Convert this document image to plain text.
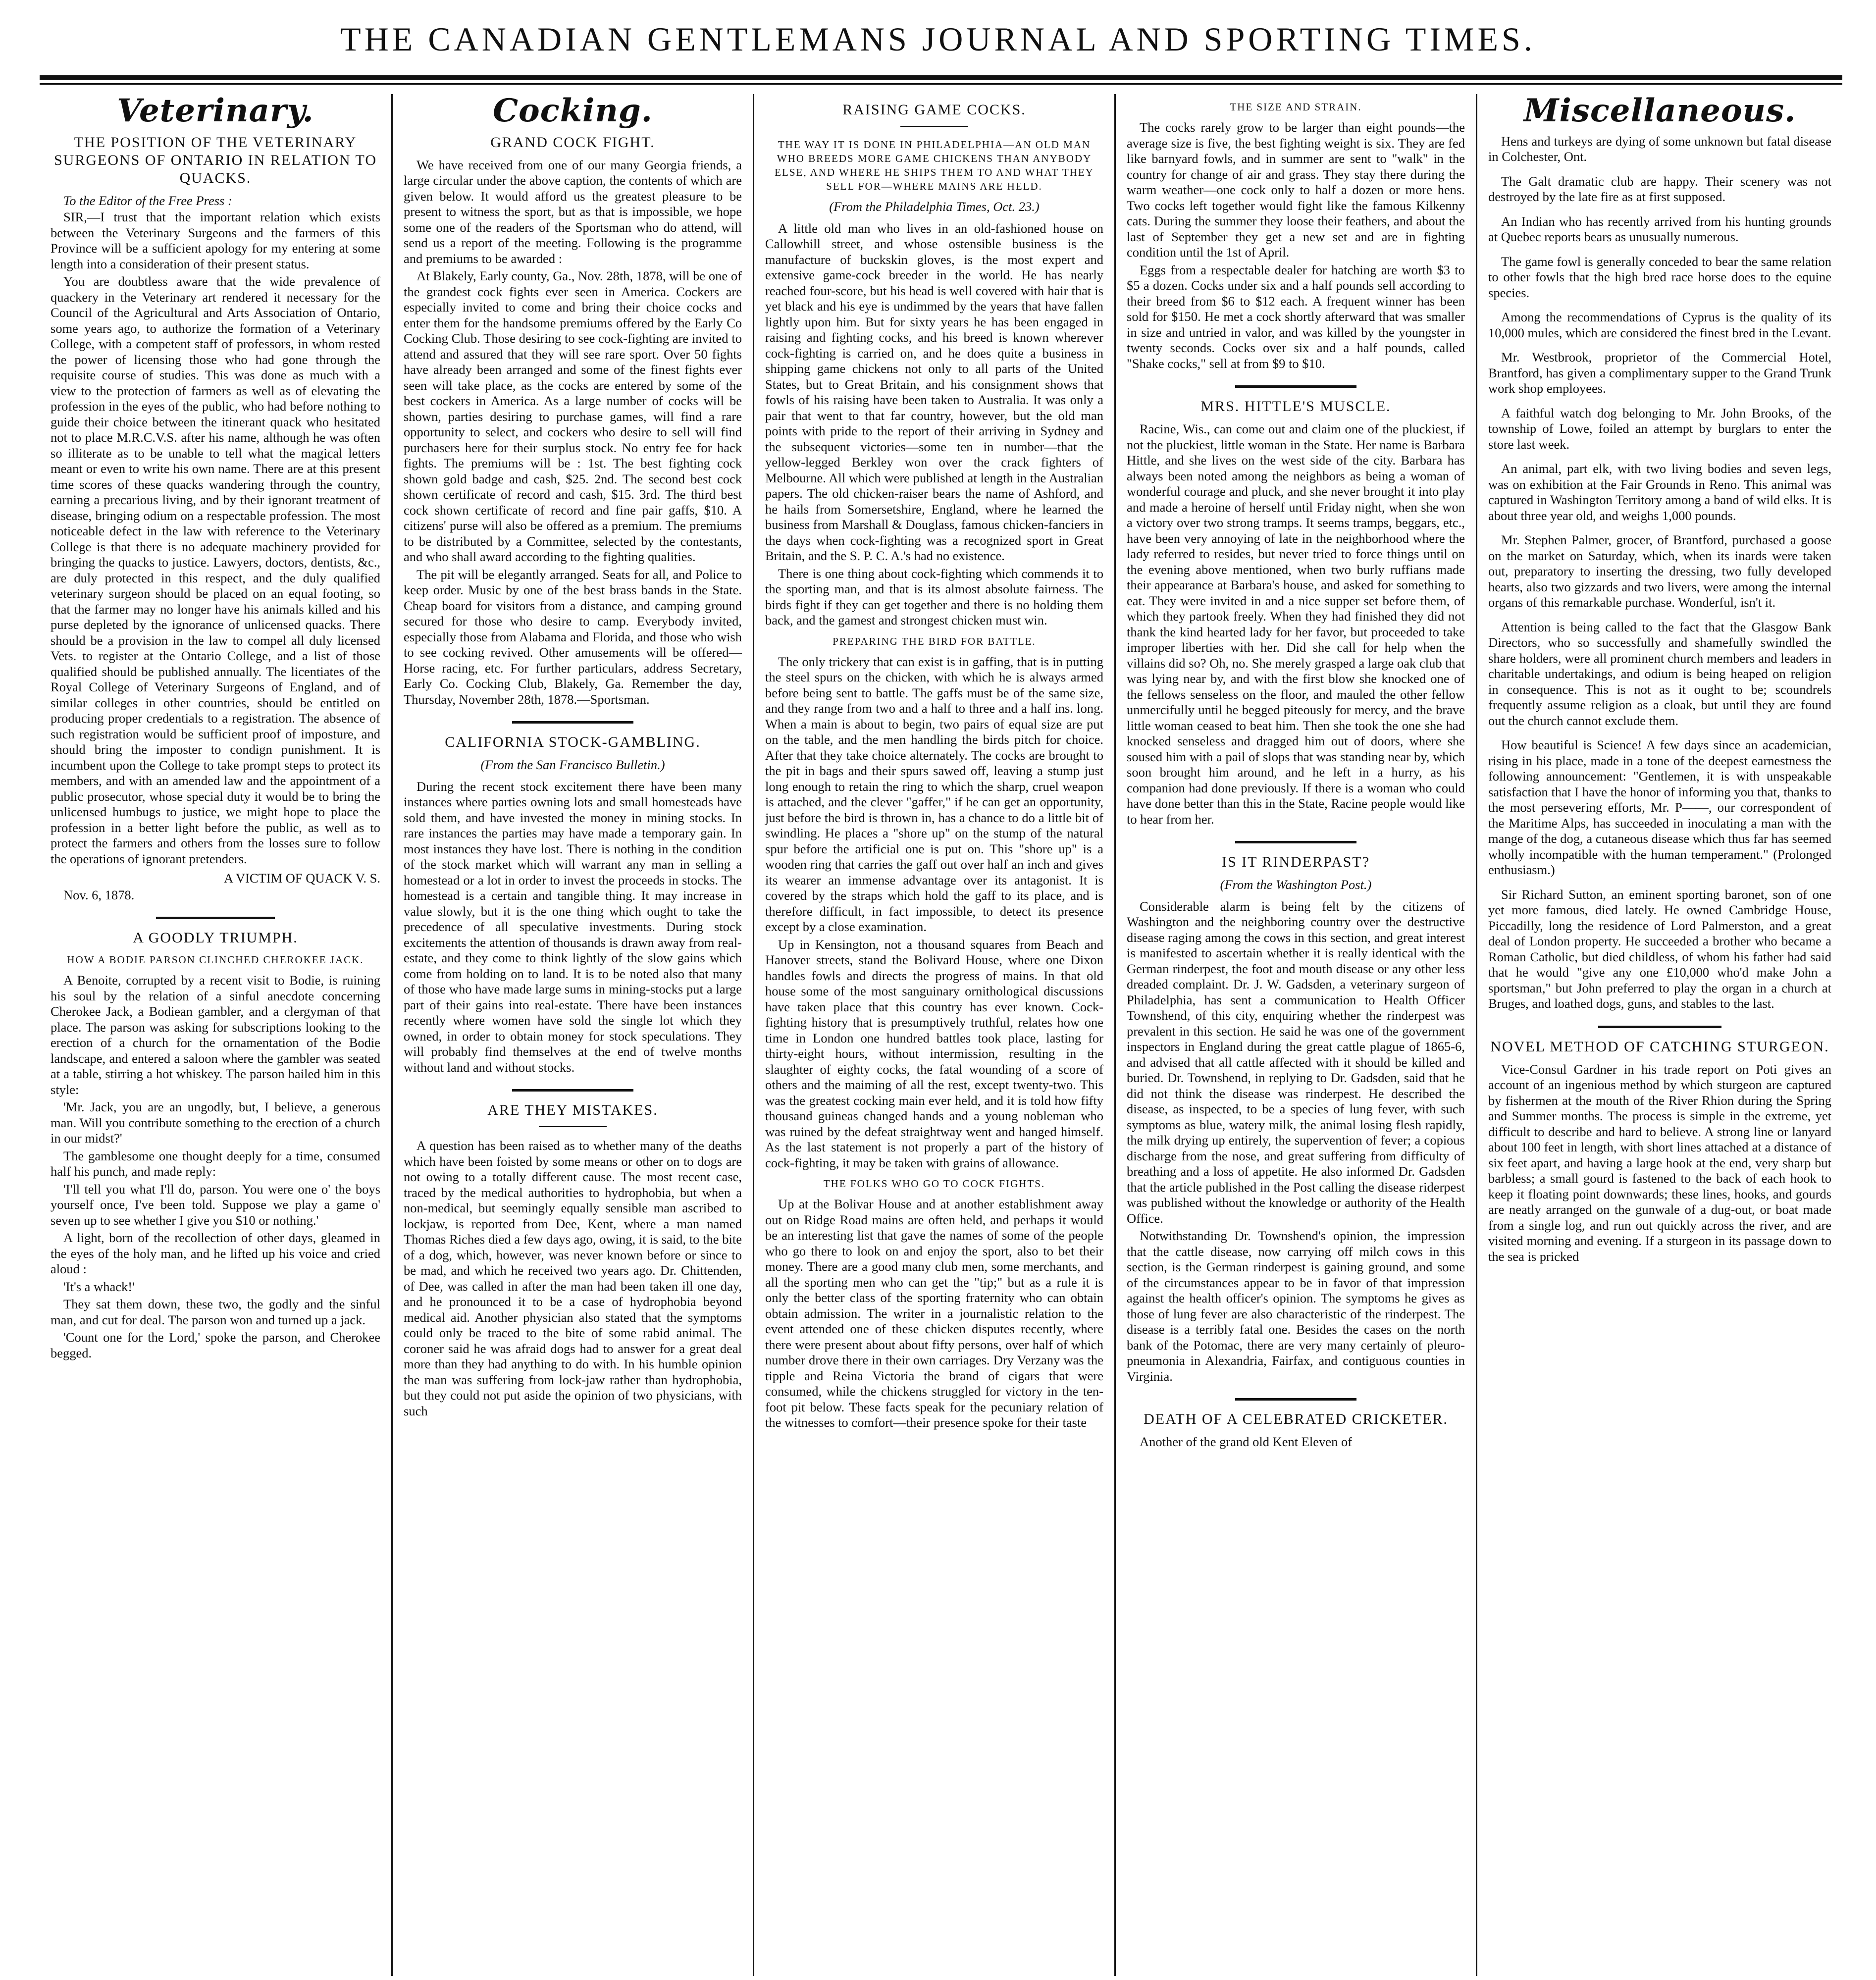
THE CANADIAN GENTLEMANS JOURNAL AND SPORTING TIMES.
Veterinary.
THE POSITION OF THE VETERINARY SURGEONS OF ONTARIO IN RELATION TO QUACKS.
To the Editor of the Free Press :

SIR,—I trust that the important relation which exists between the Veterinary Surgeons and the farmers of this Province will be a sufficient apology for my entering at some length into a consideration of their present status.

You are doubtless aware that the wide prevalence of quackery in the Veterinary art rendered it necessary for the Council of the Agricultural and Arts Association of Ontario, some years ago, to authorize the formation of a Veterinary College, with a competent staff of professors, in whom rested the power of licensing those who had gone through the requisite course of studies. This was done as much with a view to the protection of farmers as well as of elevating the profession in the eyes of the public, who had before nothing to guide their choice between the itinerant quack who hesitated not to place M.R.C.V.S. after his name, although he was often so illiterate as to be unable to tell what the magical letters meant or even to write his own name. There are at this present time scores of these quacks wandering through the country, earning a precarious living, and by their ignorant treatment of disease, bringing odium on a respectable profession. The most noticeable defect in the law with reference to the Veterinary College is that there is no adequate machinery provided for bringing the quacks to justice. Lawyers, doctors, dentists, &c., are duly protected in this respect, and the duly qualified veterinary surgeon should be placed on an equal footing, so that the farmer may no longer have his animals killed and his purse depleted by the ignorance of unlicensed quacks. There should be a provision in the law to compel all duly licensed Vets. to register at the Ontario College, and a list of those qualified should be published annually. The licentiates of the Royal College of Veterinary Surgeons of England, and of similar colleges in other countries, should be entitled on producing proper credentials to a registration. The absence of such registration would be sufficient proof of imposture, and should bring the imposter to condign punishment. It is incumbent upon the College to take prompt steps to protect its members, and with an amended law and the appointment of a public prosecutor, whose special duty it would be to bring the unlicensed humbugs to justice, we might hope to place the profession in a better light before the public, as well as to protect the farmers and others from the losses sure to follow the operations of ignorant pretenders.

A VICTIM OF QUACK V. S.
Nov. 6, 1878.
A GOODLY TRIUMPH.
HOW A BODIE PARSON CLINCHED CHEROKEE JACK.

A Benoite, corrupted by a recent visit to Bodie, is ruining his soul by the relation of a sinful anecdote concerning Cherokee Jack, a Bodiean gambler, and a clergyman of that place. The parson was asking for subscriptions looking to the erection of a church for the ornamentation of the Bodie landscape, and entered a saloon where the gambler was seated at a table, stirring a hot whiskey. The parson hailed him in this style:

'Mr. Jack, you are an ungodly, but, I believe, a generous man. Will you contribute something to the erection of a church in our midst?'

The gamblesome one thought deeply for a time, consumed half his punch, and made reply:

'I'll tell you what I'll do, parson. You were one o' the boys yourself once, I've been told. Suppose we play a game o' seven up to see whether I give you $10 or nothing.'

A light, born of the recollection of other days, gleamed in the eyes of the holy man, and he lifted up his voice and cried aloud :

'It's a whack!'

They sat them down, these two, the godly and the sinful man, and cut for deal. The parson won and turned up a jack.

'Count one for the Lord,' spoke the parson, and Cherokee begged.

Cocking.
GRAND COCK FIGHT.

We have received from one of our many Georgia friends, a large circular under the above caption, the contents of which are given below. It would afford us the greatest pleasure to be present to witness the sport, but as that is impossible, we hope some one of the readers of the Sportsman who do attend, will send us a report of the meeting. Following is the programme and premiums to be awarded :

At Blakely, Early county, Ga., Nov. 28th, 1878, will be one of the grandest cock fights ever seen in America. Cockers are especially invited to come and bring their choice cocks and enter them for the handsome premiums offered by the Early Co Cocking Club. Those desiring to see cock-fighting are invited to attend and assured that they will see rare sport. Over 50 fights have already been arranged and some of the finest fights ever seen will take place, as the cocks are entered by some of the best cockers in America. As a large number of cocks will be shown, parties desiring to purchase games, will find a rare opportunity to select, and cockers who desire to sell will find purchasers here for their surplus stock. No entry fee for hack fights. The premiums will be : 1st. The best fighting cock shown gold badge and cash, $25. 2nd. The second best cock shown certificate of record and cash, $15. 3rd. The third best cock shown certificate of record and fine pair gaffs, $10. A citizens' purse will also be offered as a premium. The premiums to be distributed by a Committee, selected by the contestants, and who shall award according to the fighting qualities.

The pit will be elegantly arranged. Seats for all, and Police to keep order. Music by one of the best brass bands in the State. Cheap board for visitors from a distance, and camping ground secured for those who desire to camp. Everybody invited, especially those from Alabama and Florida, and those who wish to see cocking revived. Other amusements will be offered—Horse racing, etc. For further particulars, address Secretary, Early Co. Cocking Club, Blakely, Ga. Remember the day, Thursday, November 28th, 1878.—Sportsman.

CALIFORNIA STOCK-GAMBLING.
(From the San Francisco Bulletin.)

During the recent stock excitement there have been many instances where parties owning lots and small homesteads have sold them, and have invested the money in mining stocks. In rare instances the parties may have made a temporary gain. In most instances they have lost. There is nothing in the condition of the stock market which will warrant any man in selling a homestead or a lot in order to invest the proceeds in stocks. The homestead is a certain and tangible thing. It may increase in value slowly, but it is the one thing which ought to take the precedence of all speculative investments. During stock excitements the attention of thousands is drawn away from real-estate, and they come to think lightly of the slow gains which come from holding on to land. It is to be noted also that many of those who have made large sums in mining-stocks put a large part of their gains into real-estate. There have been instances recently where women have sold the single lot which they owned, in order to obtain money for stock speculations. They will probably find themselves at the end of twelve months without land and without stocks.

ARE THEY MISTAKES.

A question has been raised as to whether many of the deaths which have been foisted by some means or other on to dogs are not owing to a totally different cause. The most recent case, traced by the medical authorities to hydrophobia, but when a non-medical, but seemingly equally sensible man ascribed to lockjaw, is reported from Dee, Kent, where a man named Thomas Riches died a few days ago, owing, it is said, to the bite of a dog, which, however, was never known before or since to be mad, and which he received two years ago. Dr. Chittenden, of Dee, was called in after the man had been taken ill one day, and he pronounced it to be a case of hydrophobia beyond medical aid. Another physician also stated that the symptoms could only be traced to the bite of some rabid animal. The coroner said he was afraid dogs had to answer for a great deal more than they had anything to do with. In his humble opinion the man was suffering from lock-jaw rather than hydrophobia, but they could not put aside the opinion of two physicians, with such

RAISING GAME COCKS.
THE WAY IT IS DONE IN PHILADELPHIA—AN OLD MAN WHO BREEDS MORE GAME CHICKENS THAN ANYBODY ELSE, AND WHERE HE SHIPS THEM TO AND WHAT THEY SELL FOR—WHERE MAINS ARE HELD.
(From the Philadelphia Times, Oct. 23.)

A little old man who lives in an old-fashioned house on Callowhill street, and whose ostensible business is the manufacture of buckskin gloves, is the most expert and extensive game-cock breeder in the world. He has nearly reached four-score, but his head is well covered with hair that is yet black and his eye is undimmed by the years that have fallen lightly upon him. But for sixty years he has been engaged in raising and fighting cocks, and his breed is known wherever cock-fighting is carried on, and he does quite a business in shipping game chickens not only to all parts of the United States, but to Great Britain, and his consignment shows that fowls of his raising have been taken to Australia. It was only a pair that went to that far country, however, but the old man points with pride to the report of their arriving in Sydney and the subsequent victories—some ten in number—that the yellow-legged Berkley won over the crack fighters of Melbourne. All which were published at length in the Australian papers. The old chicken-raiser bears the name of Ashford, and he hails from Somersetshire, England, where he learned the business from Marshall & Douglass, famous chicken-fanciers in the days when cock-fighting was a recognized sport in Great Britain, and the S. P. C. A.'s had no existence.

There is one thing about cock-fighting which commends it to the sporting man, and that is its almost absolute fairness. The birds fight if they can get together and there is no holding them back, and the gamest and strongest chicken must win.

PREPARING THE BIRD FOR BATTLE.

The only trickery that can exist is in gaffing, that is in putting the steel spurs on the chicken, with which he is always armed before being sent to battle. The gaffs must be of the same size, and they range from two and a half to three and a half ins. long. When a main is about to begin, two pairs of equal size are put on the table, and the men handling the birds pitch for choice. After that they take choice alternately. The cocks are brought to the pit in bags and their spurs sawed off, leaving a stump just long enough to retain the ring to which the sharp, cruel weapon is attached, and the clever "gaffer," if he can get an opportunity, just before the bird is thrown in, has a chance to do a little bit of swindling. He places a "shore up" on the stump of the natural spur before the artificial one is put on. This "shore up" is a wooden ring that carries the gaff out over half an inch and gives its wearer an immense advantage over its antagonist. It is covered by the straps which hold the gaff to its place, and is therefore difficult, in fact impossible, to detect its presence except by a close examination.

Up in Kensington, not a thousand squares from Beach and Hanover streets, stand the Bolivard House, where one Dixon handles fowls and directs the progress of mains. In that old house some of the most sanguinary ornithological discussions have taken place that this country has ever known. Cock-fighting history that is presumptively truthful, relates how one time in London one hundred battles took place, lasting for thirty-eight hours, without intermission, resulting in the slaughter of eighty cocks, the fatal wounding of a score of others and the maiming of all the rest, except twenty-two. This was the greatest cocking main ever held, and it is told how fifty thousand guineas changed hands and a young nobleman who was ruined by the defeat straightway went and hanged himself. As the last statement is not properly a part of the history of cock-fighting, it may be taken with grains of allowance.

THE FOLKS WHO GO TO COCK FIGHTS.

Up at the Bolivar House and at another establishment away out on Ridge Road mains are often held, and perhaps it would be an interesting list that gave the names of some of the people who go there to look on and enjoy the sport, also to bet their money. There are a good many club men, some merchants, and all the sporting men who can get the "tip;" but as a rule it is only the better class of the sporting fraternity who can obtain obtain admission. The writer in a journalistic relation to the event attended one of these chicken disputes recently, where there were present about about fifty persons, over half of which number drove there in their own carriages. Dry Verzany was the tipple and Reina Victoria the brand of cigars that were consumed, while the chickens struggled for victory in the ten-foot pit below. These facts speak for the pecuniary relation of the witnesses to comfort—their presence spoke for their taste

THE SIZE AND STRAIN.

The cocks rarely grow to be larger than eight pounds—the average size is five, the best fighting weight is six. They are fed like barnyard fowls, and in summer are sent to "walk" in the country for change of air and grass. They stay there during the warm weather—one cock only to half a dozen or more hens. Two cocks left together would fight like the famous Kilkenny cats. During the summer they loose their feathers, and about the last of September they get a new set and are in fighting condition until the 1st of April.

Eggs from a respectable dealer for hatching are worth $3 to $5 a dozen. Cocks under six and a half pounds sell according to their breed from $6 to $12 each. A frequent winner has been sold for $150. He met a cock shortly afterward that was smaller in size and untried in valor, and was killed by the youngster in twenty seconds. Cocks over six and a half pounds, called "Shake cocks," sell at from $9 to $10.

MRS. HITTLE'S MUSCLE.

Racine, Wis., can come out and claim one of the pluckiest, if not the pluckiest, little woman in the State. Her name is Barbara Hittle, and she lives on the west side of the city. Barbara has always been noted among the neighbors as being a woman of wonderful courage and pluck, and she never brought it into play and made a heroine of herself until Friday night, when she won a victory over two strong tramps. It seems tramps, beggars, etc., have been very annoying of late in the neighborhood where the lady referred to resides, but never tried to force things until on the evening above mentioned, when two burly ruffians made their appearance at Barbara's house, and asked for something to eat. They were invited in and a nice supper set before them, of which they partook freely. When they had finished they did not thank the kind hearted lady for her favor, but proceeded to take improper liberties with her. Did she call for help when the villains did so? Oh, no. She merely grasped a large oak club that was lying near by, and with the first blow she knocked one of the fellows senseless on the floor, and mauled the other fellow unmercifully until he begged piteously for mercy, and the brave little woman ceased to beat him. Then she took the one she had knocked senseless and dragged him out of doors, where she soused him with a pail of slops that was standing near by, which soon brought him around, and he left in a hurry, as his companion had done previously. If there is a woman who could have done better than this in the State, Racine people would like to hear from her.

IS IT RINDERPAST?
(From the Washington Post.)

Considerable alarm is being felt by the citizens of Washington and the neighboring country over the destructive disease raging among the cows in this section, and great interest is manifested to ascertain whether it is really identical with the German rinderpest, the foot and mouth disease or any other less dreaded complaint. Dr. J. W. Gadsden, a veterinary surgeon of Philadelphia, has sent a communication to Health Officer Townshend, of this city, enquiring whether the rinderpest was prevalent in this section. He said he was one of the government inspectors in England during the great cattle plague of 1865-6, and advised that all cattle affected with it should be killed and buried. Dr. Townshend, in replying to Dr. Gadsden, said that he did not think the disease was rinderpest. He described the disease, as inspected, to be a species of lung fever, with such symptoms as blue, watery milk, the animal losing flesh rapidly, the milk drying up entirely, the supervention of fever; a copious discharge from the nose, and great suffering from difficulty of breathing and a loss of appetite. He also informed Dr. Gadsden that the article published in the Post calling the disease riderpest was published without the knowledge or authority of the Health Office.

Notwithstanding Dr. Townshend's opinion, the impression that the cattle disease, now carrying off milch cows in this section, is the German rinderpest is gaining ground, and some of the circumstances appear to be in favor of that impression against the health officer's opinion. The symptoms he gives as those of lung fever are also characteristic of the rinderpest. The disease is a terribly fatal one. Besides the cases on the north bank of the Potomac, there are very many certainly of pleuro-pneumonia in Alexandria, Fairfax, and contiguous counties in Virginia.

DEATH OF A CELEBRATED CRICKETER.

Another of the grand old Kent Eleven of

Miscellaneous.

Hens and turkeys are dying of some unknown but fatal disease in Colchester, Ont.

The Galt dramatic club are happy. Their scenery was not destroyed by the late fire as at first supposed.

An Indian who has recently arrived from his hunting grounds at Quebec reports bears as unusually numerous.

The game fowl is generally conceded to bear the same relation to other fowls that the high bred race horse does to the equine species.

Among the recommendations of Cyprus is the quality of its 10,000 mules, which are considered the finest bred in the Levant.

Mr. Westbrook, proprietor of the Commercial Hotel, Brantford, has given a complimentary supper to the Grand Trunk work shop employees.

A faithful watch dog belonging to Mr. John Brooks, of the township of Lowe, foiled an attempt by burglars to enter the store last week.

An animal, part elk, with two living bodies and seven legs, was on exhibition at the Fair Grounds in Reno. This animal was captured in Washington Territory among a band of wild elks. It is about three year old, and weighs 1,000 pounds.

Mr. Stephen Palmer, grocer, of Brantford, purchased a goose on the market on Saturday, which, when its inards were taken out, preparatory to inserting the dressing, two fully developed hearts, also two gizzards and two livers, were among the internal organs of this remarkable purchase. Wonderful, isn't it.

Attention is being called to the fact that the Glasgow Bank Directors, who so successfully and shamefully swindled the share holders, were all prominent church members and leaders in charitable undertakings, and odium is being heaped on religion in consequence. This is not as it ought to be; scoundrels frequently assume religion as a cloak, but until they are found out the church cannot exclude them.

How beautiful is Science! A few days since an academician, rising in his place, made in a tone of the deepest earnestness the following announcement: "Gentlemen, it is with unspeakable satisfaction that I have the honor of informing you that, thanks to the most persevering efforts, Mr. P——, our correspondent of the Maritime Alps, has succeeded in inoculating a man with the mange of the dog, a cutaneous disease which thus far has seemed wholly incompatible with the human temperament." (Prolonged enthusiasm.)

Sir Richard Sutton, an eminent sporting baronet, son of one yet more famous, died lately. He owned Cambridge House, Piccadilly, long the residence of Lord Palmerston, and a great deal of London property. He succeeded a brother who became a Roman Catholic, but died childless, of whom his father had said that he would "give any one £10,000 who'd make John a sportsman," but John preferred to play the organ in a church at Bruges, and loathed dogs, guns, and stables to the last.

NOVEL METHOD OF CATCHING STURGEON.

Vice-Consul Gardner in his trade report on Poti gives an account of an ingenious method by which sturgeon are captured by fishermen at the mouth of the River Rhion during the Spring and Summer months. The process is simple in the extreme, yet difficult to describe and hard to believe. A strong line or lanyard about 100 feet in length, with short lines attached at a distance of six feet apart, and having a large hook at the end, very sharp but barbless; a small gourd is fastened to the back of each hook to keep it floating point downwards; these lines, hooks, and gourds are neatly arranged on the gunwale of a dug-out, or boat made from a single log, and run out quickly across the river, and are visited morning and evening. If a sturgeon in its passage down to the sea is pricked
